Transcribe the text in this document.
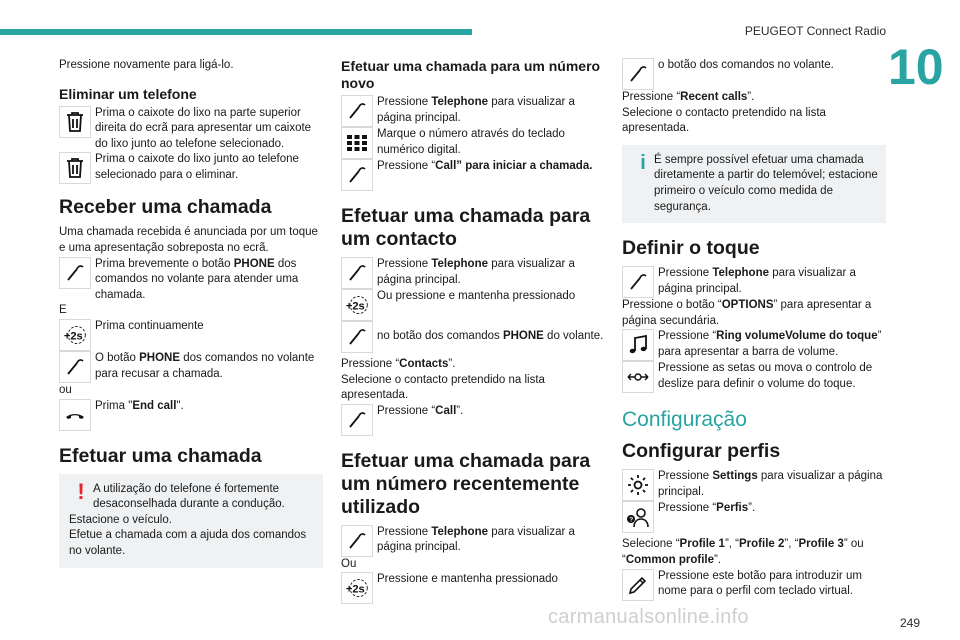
PEUGEOT Connect Radio
10

Pressione novamente para ligá-lo.

Eliminar um telefone
Prima o caixote do lixo na parte superior direita do ecrã para apresentar um caixote do lixo junto ao telefone selecionado.
Prima o caixote do lixo junto ao telefone selecionado para o eliminar.
Receber uma chamada

Uma chamada recebida é anunciada por um toque e uma apresentação sobreposta no ecrã.

Prima brevemente o botão PHONE dos comandos no volante para atender uma chamada.

E

+2s
Prima continuamente
O botão PHONE dos comandos no volante para recusar a chamada.

ou

Prima "End call".
Efetuar uma chamada
! A utilização do telefone é fortemente desaconselhada durante a condução.

Estacione o veículo.

Efetue a chamada com a ajuda dos comandos no volante.

Efetuar uma chamada para um número novo
Pressione Telephone para visualizar a página principal.
Marque o número através do teclado numérico digital.
Pressione “Call” para iniciar a chamada.
Efetuar uma chamada para um contacto
Pressione Telephone para visualizar a página principal.
+2s
Ou pressione e mantenha pressionado
no botão dos comandos PHONE do volante.

Pressione “Contacts”.

Selecione o contacto pretendido na lista apresentada.

Pressione “Call”.
Efetuar uma chamada para um número recentemente utilizado
Pressione Telephone para visualizar a página principal.

Ou

+2s
Pressione e mantenha pressionado
o botão dos comandos no volante.

Pressione “Recent calls”.

Selecione o contacto pretendido na lista apresentada.

i É sempre possível efetuar uma chamada diretamente a partir do telemóvel; estacione primeiro o veículo como medida de segurança.
Definir o toque
Pressione Telephone para visualizar a página principal.

Pressione o botão “OPTIONS” para apresentar a página secundária.

Pressione “Ring volumeVolume do toque” para apresentar a barra de volume.
Pressione as setas ou mova o controlo de deslize para definir o volume do toque.
Configuração
Configurar perfis
Pressione Settings para visualizar a página principal.
?
Pressione “Perfis”.

Selecione “Profile 1”, “Profile 2”, “Profile 3” ou “Common profile”.

Pressione este botão para introduzir um nome para o perfil com teclado virtual.
carmanualsonline.info	249
